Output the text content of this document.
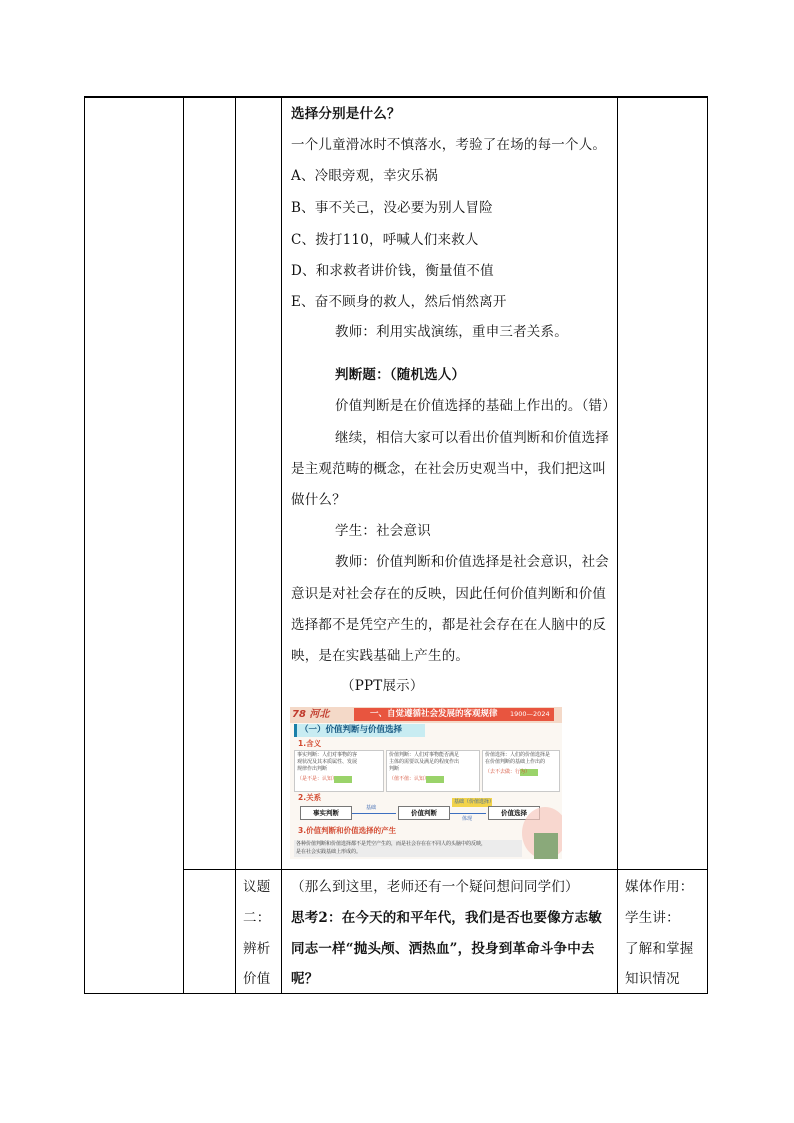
选择分别是什么？
一个儿童滑冰时不慎落水，考验了在场的每一个人。
A、冷眼旁观，幸灾乐祸
B、事不关己，没必要为别人冒险
C、拨打110，呼喊人们来救人
D、和求救者讲价钱，衡量值不值
E、奋不顾身的救人，然后悄然离开
教师：利用实战演练，重申三者关系。
判断题：（随机选人）
价值判断是在价值选择的基础上作出的。（错）
继续，相信大家可以看出价值判断和价值选择
是主观范畴的概念，在社会历史观当中，我们把这叫
做什么？
学生：社会意识
教师：价值判断和价值选择是社会意识，社会
意识是对社会存在的反映，因此任何价值判断和价值
选择都不是凭空产生的，都是社会存在在人脑中的反
映，是在实践基础上产生的。
（PPT展示）
78 河北	一、自觉遵循社会发展的客观规律 1900—2024
（一）价值判断与价值选择
1.含义
事实判断：人们对事物的客
观状况及其本质属性、发展
规律作出判断
（是不是：认知）
价值判断：人们对事物能否满足
主体的需要以及满足的程度作出
判断
（值不值：认知）
价值选择：人们的价值选择是
在价值判断的基础上作出的
（去不去做：行为）
2.关系
事实判断
基础
价值判断
基础（价值选择）
体现
价值选择
3.价值判断和价值选择的产生
各种价值判断和价值选择都不是凭空产生的，而是社会存在在不同人的头脑中的反映，
是在社会实践基础上形成的。
议题
二：
辨析
价值
（那么到这里，老师还有一个疑问想问同学们）
思考2：在今天的和平年代，我们是否也要像方志敏
同志一样“抛头颅、洒热血”，投身到革命斗争中去
呢？
媒体作用：
学生讲：
了解和掌握
知识情况
